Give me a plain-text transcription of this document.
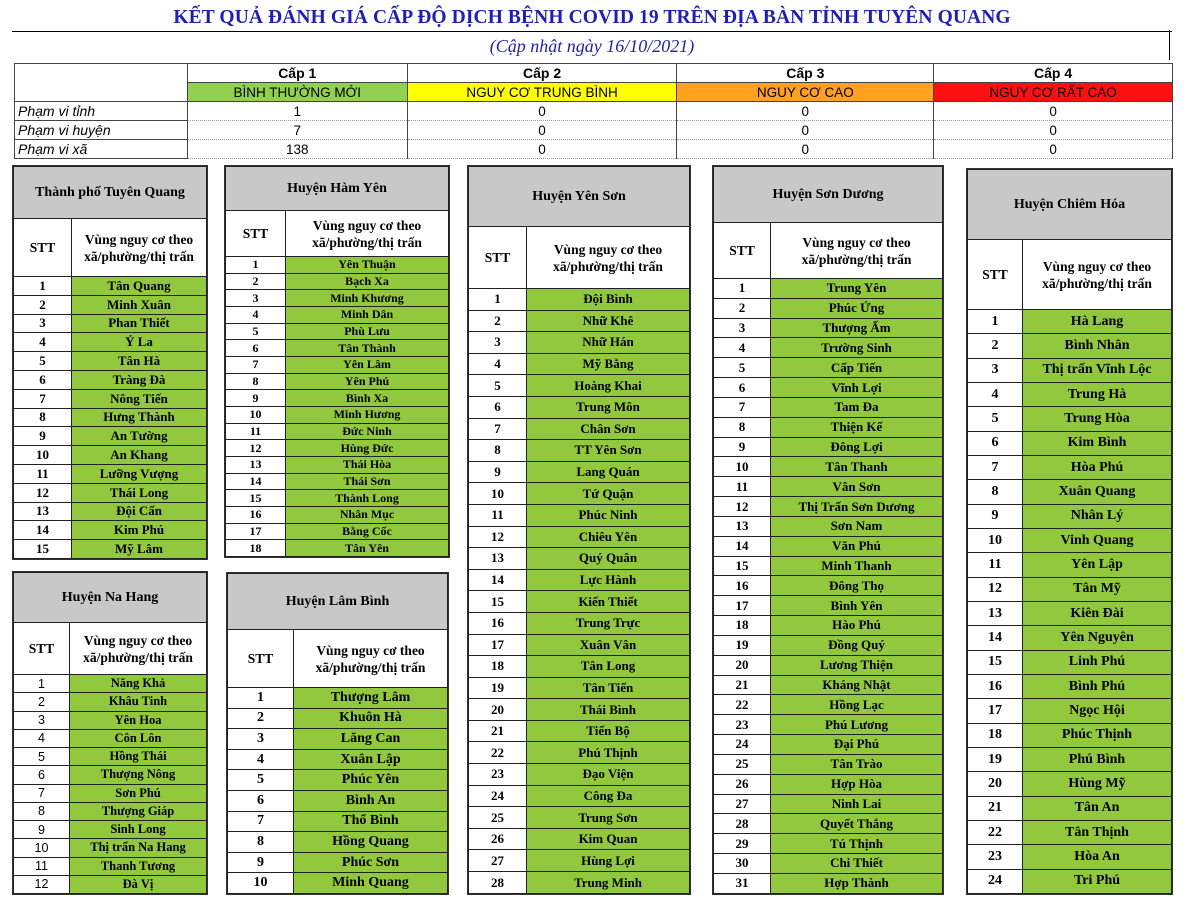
KẾT QUẢ ĐÁNH GIÁ CẤP ĐỘ DỊCH BỆNH COVID 19 TRÊN ĐỊA BÀN TỈNH TUYÊN QUANG
(Cập nhật ngày 16/10/2021)
	Cấp 1	Cấp 2	Cấp 3	Cấp 4
	BÌNH THƯỜNG MỚI	NGUY CƠ TRUNG BÌNH	NGUY CƠ CAO	NGUY CƠ RẤT CAO
Phạm vi tỉnh	1	0	0	0
Phạm vi huyện	7	0	0	0
Phạm vi xã	138	0	0	0
Thành phố Tuyên Quang	
STT	Vùng nguy cơ theo xã/phường/thị trấn
1	Tân Quang
2	Minh Xuân
3	Phan Thiết
4	Ỷ La
5	Tân Hà
6	Tràng Đà
7	Nông Tiến
8	Hưng Thành
9	An Tường
10	An Khang
11	Lưỡng Vượng
12	Thái Long
13	Đội Cấn
14	Kim Phú
15	Mỹ Lâm
Huyện Hàm Yên	
STT	Vùng nguy cơ theo xã/phường/thị trấn
1	Yên Thuận
2	Bạch Xa
3	Minh Khương
4	Minh Dân
5	Phù Lưu
6	Tân Thành
7	Yên Lâm
8	Yên Phú
9	Bình Xa
10	Minh Hương
11	Đức Ninh
12	Hùng Đức
13	Thái Hòa
14	Thái Sơn
15	Thành Long
16	Nhân Mục
17	Bằng Cốc
18	Tân Yên
Huyện Yên Sơn	
STT	Vùng nguy cơ theo xã/phường/thị trấn
1	Đội Bình
2	Nhữ Khê
3	Nhữ Hán
4	Mỹ Bằng
5	Hoàng Khai
6	Trung Môn
7	Chân Sơn
8	TT Yên Sơn
9	Lang Quán
10	Tứ Quận
11	Phúc Ninh
12	Chiêu Yên
13	Quý Quân
14	Lực Hành
15	Kiến Thiết
16	Trung Trực
17	Xuân Vân
18	Tân Long
19	Tân Tiến
20	Thái Bình
21	Tiến Bộ
22	Phú Thịnh
23	Đạo Viện
24	Công Đa
25	Trung Sơn
26	Kim Quan
27	Hùng Lợi
28	Trung Minh
Huyện Sơn Dương	
STT	Vùng nguy cơ theo xã/phường/thị trấn
1	Trung Yên
2	Phúc Ứng
3	Thượng Ấm
4	Trường Sinh
5	Cấp Tiến
6	Vĩnh Lợi
7	Tam Đa
8	Thiện Kế
9	Đông Lợi
10	Tân Thanh
11	Vân Sơn
12	Thị Trấn Sơn Dương
13	Sơn Nam
14	Văn Phú
15	Minh Thanh
16	Đông Thọ
17	Bình Yên
18	Hào Phú
19	Đồng Quý
20	Lương Thiện
21	Kháng Nhật
22	Hồng Lạc
23	Phú Lương
24	Đại Phú
25	Tân Trào
26	Hợp Hòa
27	Ninh Lai
28	Quyết Thắng
29	Tú Thịnh
30	Chi Thiết
31	Hợp Thành
Huyện Chiêm Hóa	
STT	Vùng nguy cơ theo xã/phường/thị trấn
1	Hà Lang
2	Bình Nhân
3	Thị trấn Vĩnh Lộc
4	Trung Hà
5	Trung Hòa
6	Kim Bình
7	Hòa Phú
8	Xuân Quang
9	Nhân Lý
10	Vinh Quang
11	Yên Lập
12	Tân Mỹ
13	Kiên Đài
14	Yên Nguyên
15	Linh Phú
16	Bình Phú
17	Ngọc Hội
18	Phúc Thịnh
19	Phú Bình
20	Hùng Mỹ
21	Tân An
22	Tân Thịnh
23	Hòa An
24	Tri Phú
Huyện Na Hang	
STT	Vùng nguy cơ theo xã/phường/thị trấn
1	Năng Khả
2	Khâu Tinh
3	Yên Hoa
4	Côn Lôn
5	Hồng Thái
6	Thượng Nông
7	Sơn Phú
8	Thượng Giáp
9	Sinh Long
10	Thị trấn Na Hang
11	Thanh Tương
12	Đà Vị
Huyện Lâm Bình	
STT	Vùng nguy cơ theo xã/phường/thị trấn
1	Thượng Lâm
2	Khuôn Hà
3	Lăng Can
4	Xuân Lập
5	Phúc Yên
6	Bình An
7	Thổ Bình
8	Hồng Quang
9	Phúc Sơn
10	Minh Quang
